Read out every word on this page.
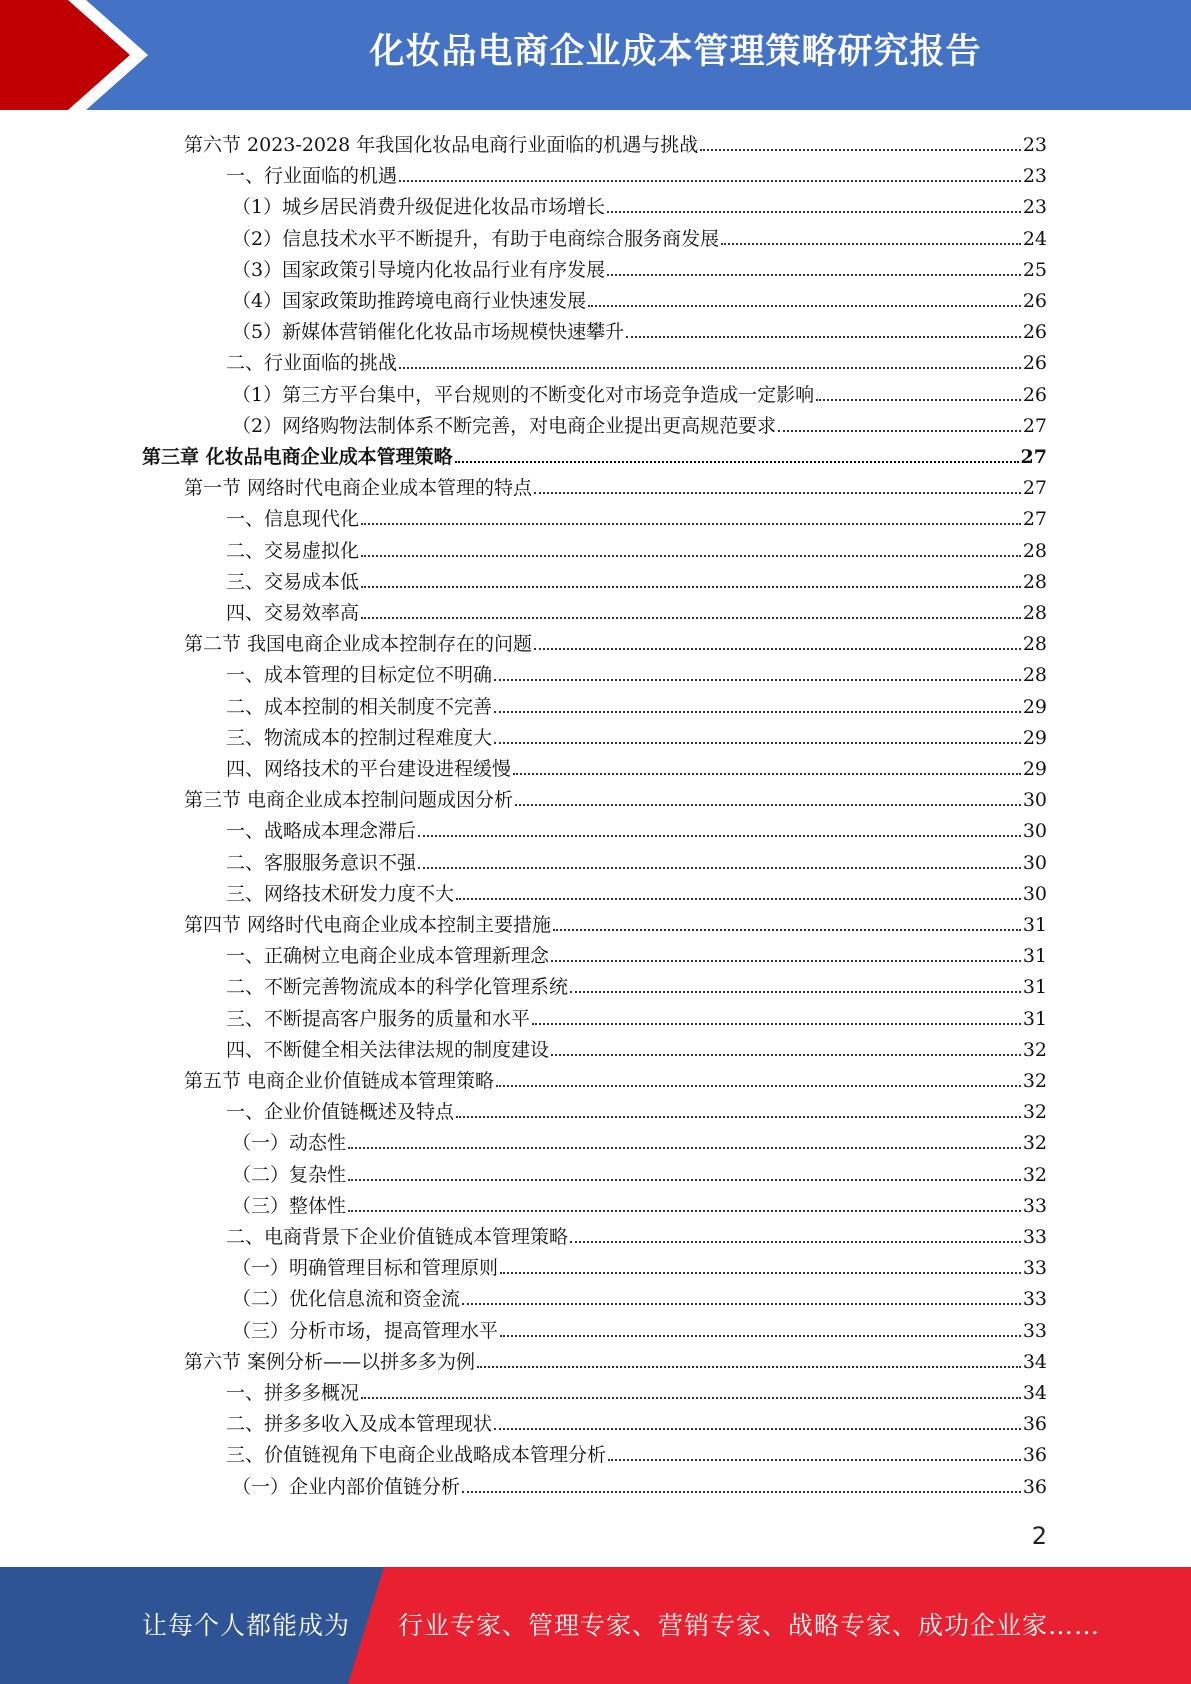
化妆品电商企业成本管理策略研究报告
第六节 2023-2028 年我国化妆品电商行业面临的机遇与挑战	23
一、行业面临的机遇	23
（1）城乡居民消费升级促进化妆品市场增长	23
（2）信息技术水平不断提升，有助于电商综合服务商发展	24
（3）国家政策引导境内化妆品行业有序发展	25
（4）国家政策助推跨境电商行业快速发展	26
（5）新媒体营销催化化妆品市场规模快速攀升	26
二、行业面临的挑战	26
（1）第三方平台集中，平台规则的不断变化对市场竞争造成一定影响	26
（2）网络购物法制体系不断完善，对电商企业提出更高规范要求	27
第三章 化妆品电商企业成本管理策略	27
第一节 网络时代电商企业成本管理的特点	27
一、信息现代化	27
二、交易虚拟化	28
三、交易成本低	28
四、交易效率高	28
第二节 我国电商企业成本控制存在的问题	28
一、成本管理的目标定位不明确	28
二、成本控制的相关制度不完善	29
三、物流成本的控制过程难度大	29
四、网络技术的平台建设进程缓慢	29
第三节 电商企业成本控制问题成因分析	30
一、战略成本理念滞后	30
二、客服服务意识不强	30
三、网络技术研发力度不大	30
第四节 网络时代电商企业成本控制主要措施	31
一、正确树立电商企业成本管理新理念	31
二、不断完善物流成本的科学化管理系统	31
三、不断提高客户服务的质量和水平	31
四、不断健全相关法律法规的制度建设	32
第五节 电商企业价值链成本管理策略	32
一、企业价值链概述及特点	32
（一）动态性	32
（二）复杂性	32
（三）整体性	33
二、电商背景下企业价值链成本管理策略	33
（一）明确管理目标和管理原则	33
（二）优化信息流和资金流	33
（三）分析市场，提高管理水平	33
第六节 案例分析——以拼多多为例	34
一、拼多多概况	34
二、拼多多收入及成本管理现状	36
三、价值链视角下电商企业战略成本管理分析	36
（一）企业内部价值链分析	36
2
让每个人都能成为 行业专家、管理专家、营销专家、战略专家、成功企业家……
